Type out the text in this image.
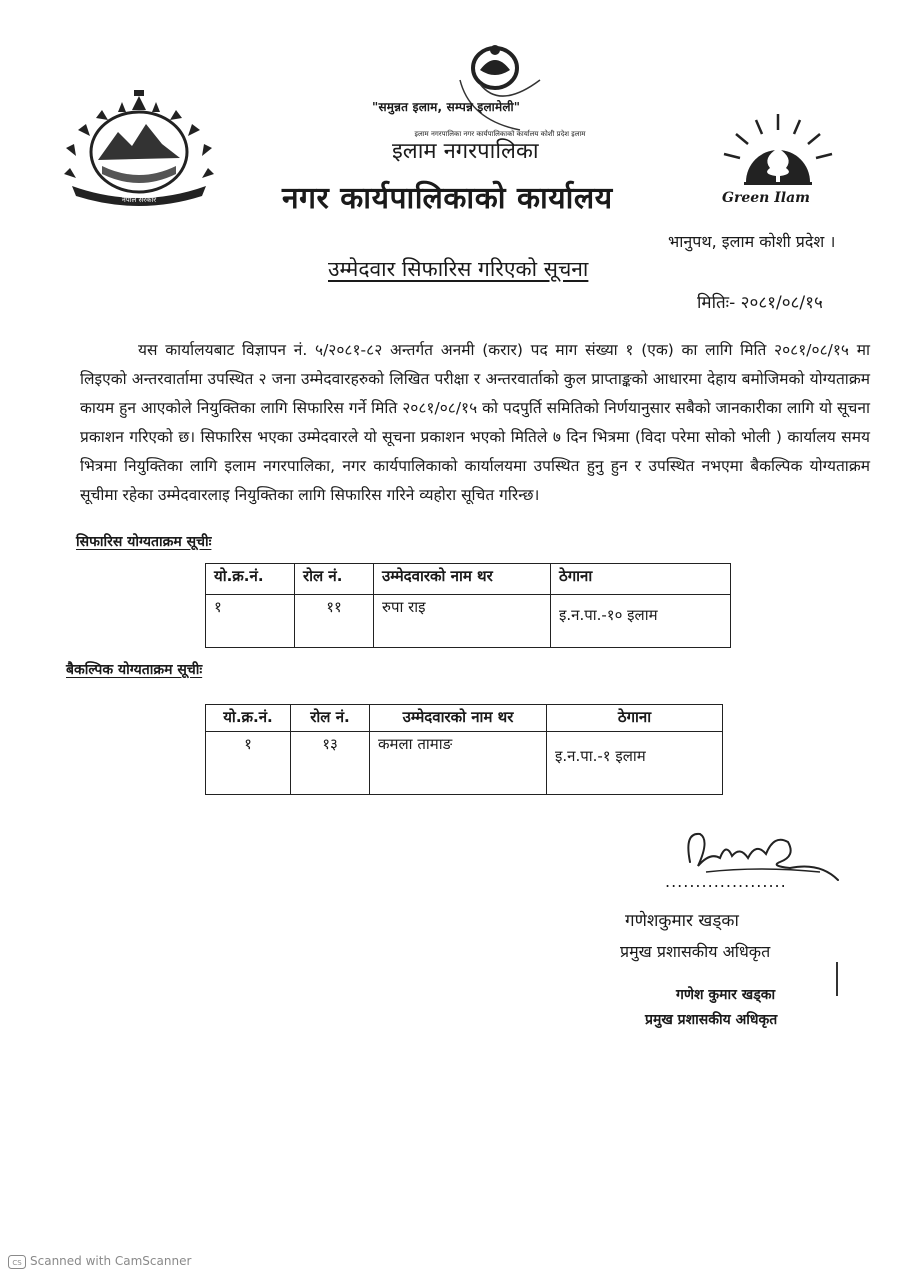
नेपाल सरकार
इलाम नगरपालिका नगर कार्यपालिकाको कार्यालय कोशी प्रदेश इलाम
"समुन्नत इलाम, सम्पन्न इलामेली"
इलाम नगरपालिका
नगर कार्यपालिकाको कार्यालय	Green Ilam
भानुपथ, इलाम कोशी प्रदेश ।
उम्मेदवार सिफारिस गरिएको सूचना
मितिः- २०८१/०८/१५

यस कार्यालयबाट विज्ञापन नं. ५/२०८१-८२ अन्तर्गत अनमी (करार) पद माग संख्या १ (एक) का लागि मिति २०८१/०८/१५ मा लिइएको अन्तरवार्तामा उपस्थित २ जना उम्मेदवारहरुको लिखित परीक्षा र अन्तरवार्ताको कुल प्राप्ताङ्कको आधारमा देहाय बमोजिमको योग्यताक्रम कायम हुन आएकोले नियुक्तिका लागि सिफारिस गर्ने मिति २०८१/०८/१५ को पदपुर्ति समितिको निर्णयानुसार सबैको जानकारीका लागि यो सूचना प्रकाशन गरिएको छ। सिफारिस भएका उम्मेदवारले यो सूचना प्रकाशन भएको मितिले ७ दिन भित्रमा (विदा परेमा सोको भोली ) कार्यालय समय भित्रमा नियुक्तिका लागि इलाम नगरपालिका, नगर कार्यपालिकाको कार्यालयमा उपस्थित हुनु हुन र उपस्थित नभएमा बैकल्पिक योग्यताक्रम सूचीमा रहेका उम्मेदवारलाइ नियुक्तिका लागि सिफारिस गरिने व्यहोरा सूचित गरिन्छ।

सिफारिस योग्यताक्रम सूचीः
यो.क्र.नं.	रोल नं.	उम्मेदवारको नाम थर	ठेगाना
१	११	रुपा राइ	इ.न.पा.-१० इलाम
बैकल्पिक योग्यताक्रम सूचीः
यो.क्र.नं.	रोल नं.	उम्मेदवारको नाम थर	ठेगाना
१	१३	कमला तामाङ	इ.न.पा.-१ इलाम
....................
गणेशकुमार खड्का
प्रमुख प्रशासकीय अधिकृत
गणेश कुमार खड्का
प्रमुख प्रशासकीय अधिकृत
CS Scanned with CamScanner
